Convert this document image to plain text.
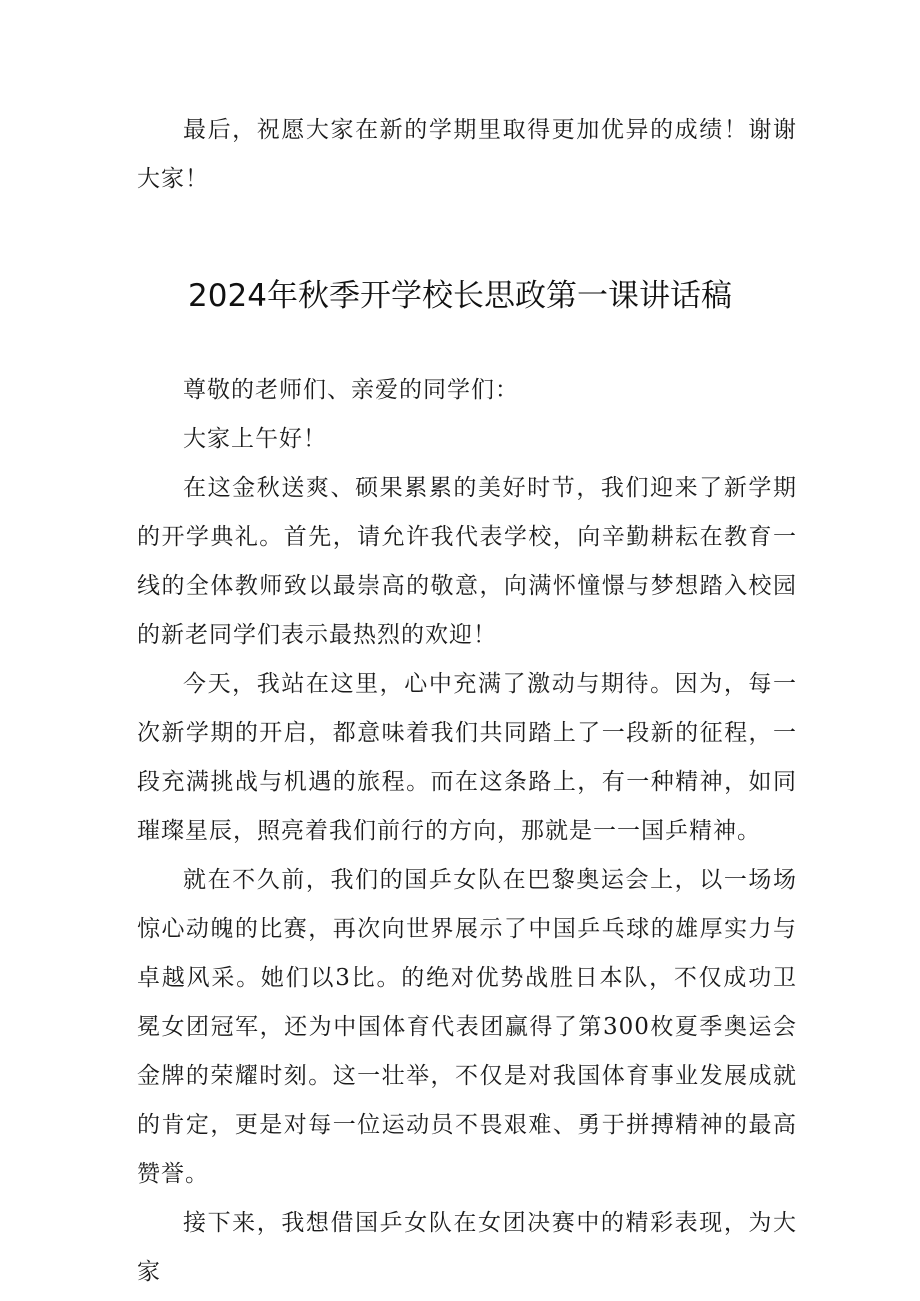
最后，祝愿大家在新的学期里取得更加优异的成绩！谢谢大家！

2024年秋季开学校长思政第一课讲话稿

尊敬的老师们、亲爱的同学们：

大家上午好！

在这金秋送爽、硕果累累的美好时节，我们迎来了新学期的开学典礼。首先，请允许我代表学校，向辛勤耕耘在教育一线的全体教师致以最崇高的敬意，向满怀憧憬与梦想踏入校园的新老同学们表示最热烈的欢迎！

今天，我站在这里，心中充满了激动与期待。因为，每一次新学期的开启，都意味着我们共同踏上了一段新的征程，一段充满挑战与机遇的旅程。而在这条路上，有一种精神，如同璀璨星辰，照亮着我们前行的方向，那就是一一国乒精神。

就在不久前，我们的国乒女队在巴黎奥运会上，以一场场惊心动魄的比赛，再次向世界展示了中国乒乓球的雄厚实力与卓越风采。她们以3比。的绝对优势战胜日本队，不仅成功卫冕女团冠军，还为中国体育代表团赢得了第300枚夏季奥运会金牌的荣耀时刻。这一壮举，不仅是对我国体育事业发展成就的肯定，更是对每一位运动员不畏艰难、勇于拼搏精神的最高赞誉。

接下来，我想借国乒女队在女团决赛中的精彩表现，为大家
